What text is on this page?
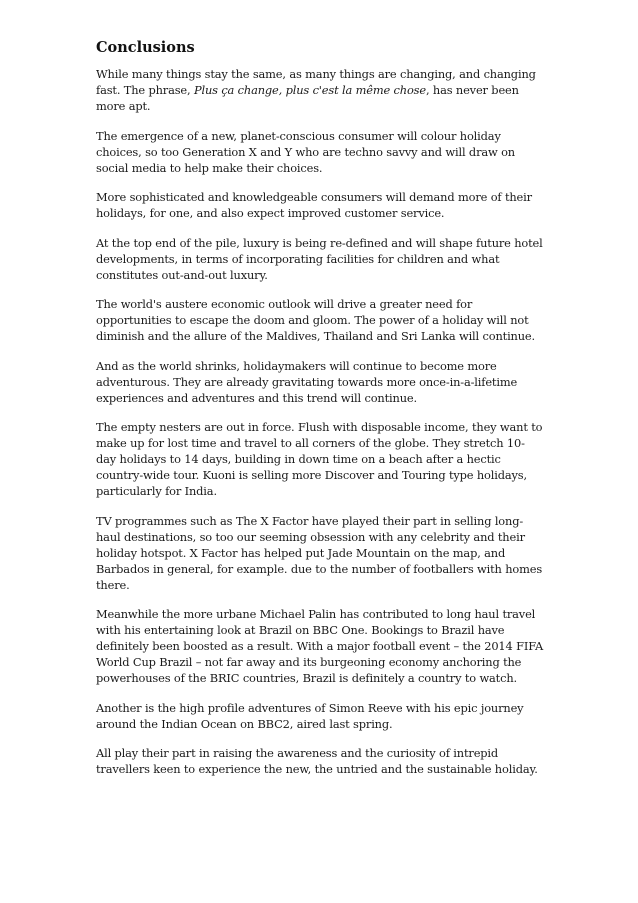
Conclusions

While many things stay the same, as many things are changing, and changing fast. The phrase, Plus ça change, plus c'est la même chose, has never been more apt.

The emergence of a new, planet-conscious consumer will colour holiday choices, so too Generation X and Y who are techno savvy and will draw on social media to help make their choices.

More sophisticated and knowledgeable consumers will demand more of their holidays, for one, and also expect improved customer service.

At the top end of the pile, luxury is being re-defined and will shape future hotel developments, in terms of incorporating facilities for children and what constitutes out-and-out luxury.

The world's austere economic outlook will drive a greater need for opportunities to escape the doom and gloom. The power of a holiday will not diminish and the allure of the Maldives, Thailand and Sri Lanka will continue.

And as the world shrinks, holidaymakers will continue to become more adventurous. They are already gravitating towards more once-in-a-lifetime experiences and adventures and this trend will continue.

The empty nesters are out in force. Flush with disposable income, they want to make up for lost time and travel to all corners of the globe. They stretch 10-day holidays to 14 days, building in down time on a beach after a hectic country-wide tour. Kuoni is selling more Discover and Touring type holidays, particularly for India.

TV programmes such as The X Factor have played their part in selling long-haul destinations, so too our seeming obsession with any celebrity and their holiday hotspot. X Factor has helped put Jade Mountain on the map, and Barbados in general, for example. due to the number of footballers with homes there.

Meanwhile the more urbane Michael Palin has contributed to long haul travel with his entertaining look at Brazil on BBC One. Bookings to Brazil have definitely been boosted as a result. With a major football event – the 2014 FIFA World Cup Brazil – not far away and its burgeoning economy anchoring the powerhouses of the BRIC countries, Brazil is definitely a country to watch.

Another is the high profile adventures of Simon Reeve with his epic journey around the Indian Ocean on BBC2, aired last spring.

All play their part in raising the awareness and the curiosity of intrepid travellers keen to experience the new, the untried and the sustainable holiday.
